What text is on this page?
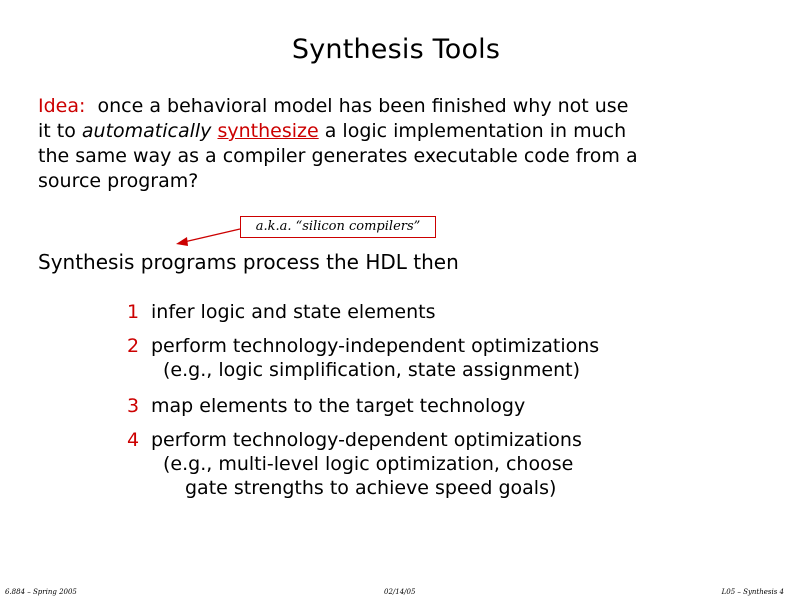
Synthesis Tools
Idea: once a behavioral model has been finished why not use
it to automatically synthesize a logic implementation in much
the same way as a compiler generates executable code from a
source program?
a.k.a. “silicon compilers”
Synthesis programs process the HDL then
1 infer logic and state elements
2 perform technology-independent optimizations
(e.g., logic simplification, state assignment)
3 map elements to the target technology
4 perform technology-dependent optimizations
(e.g., multi-level logic optimization, choose
gate strengths to achieve speed goals)
6.884 – Spring 2005	02/14/05	L05 – Synthesis 4
